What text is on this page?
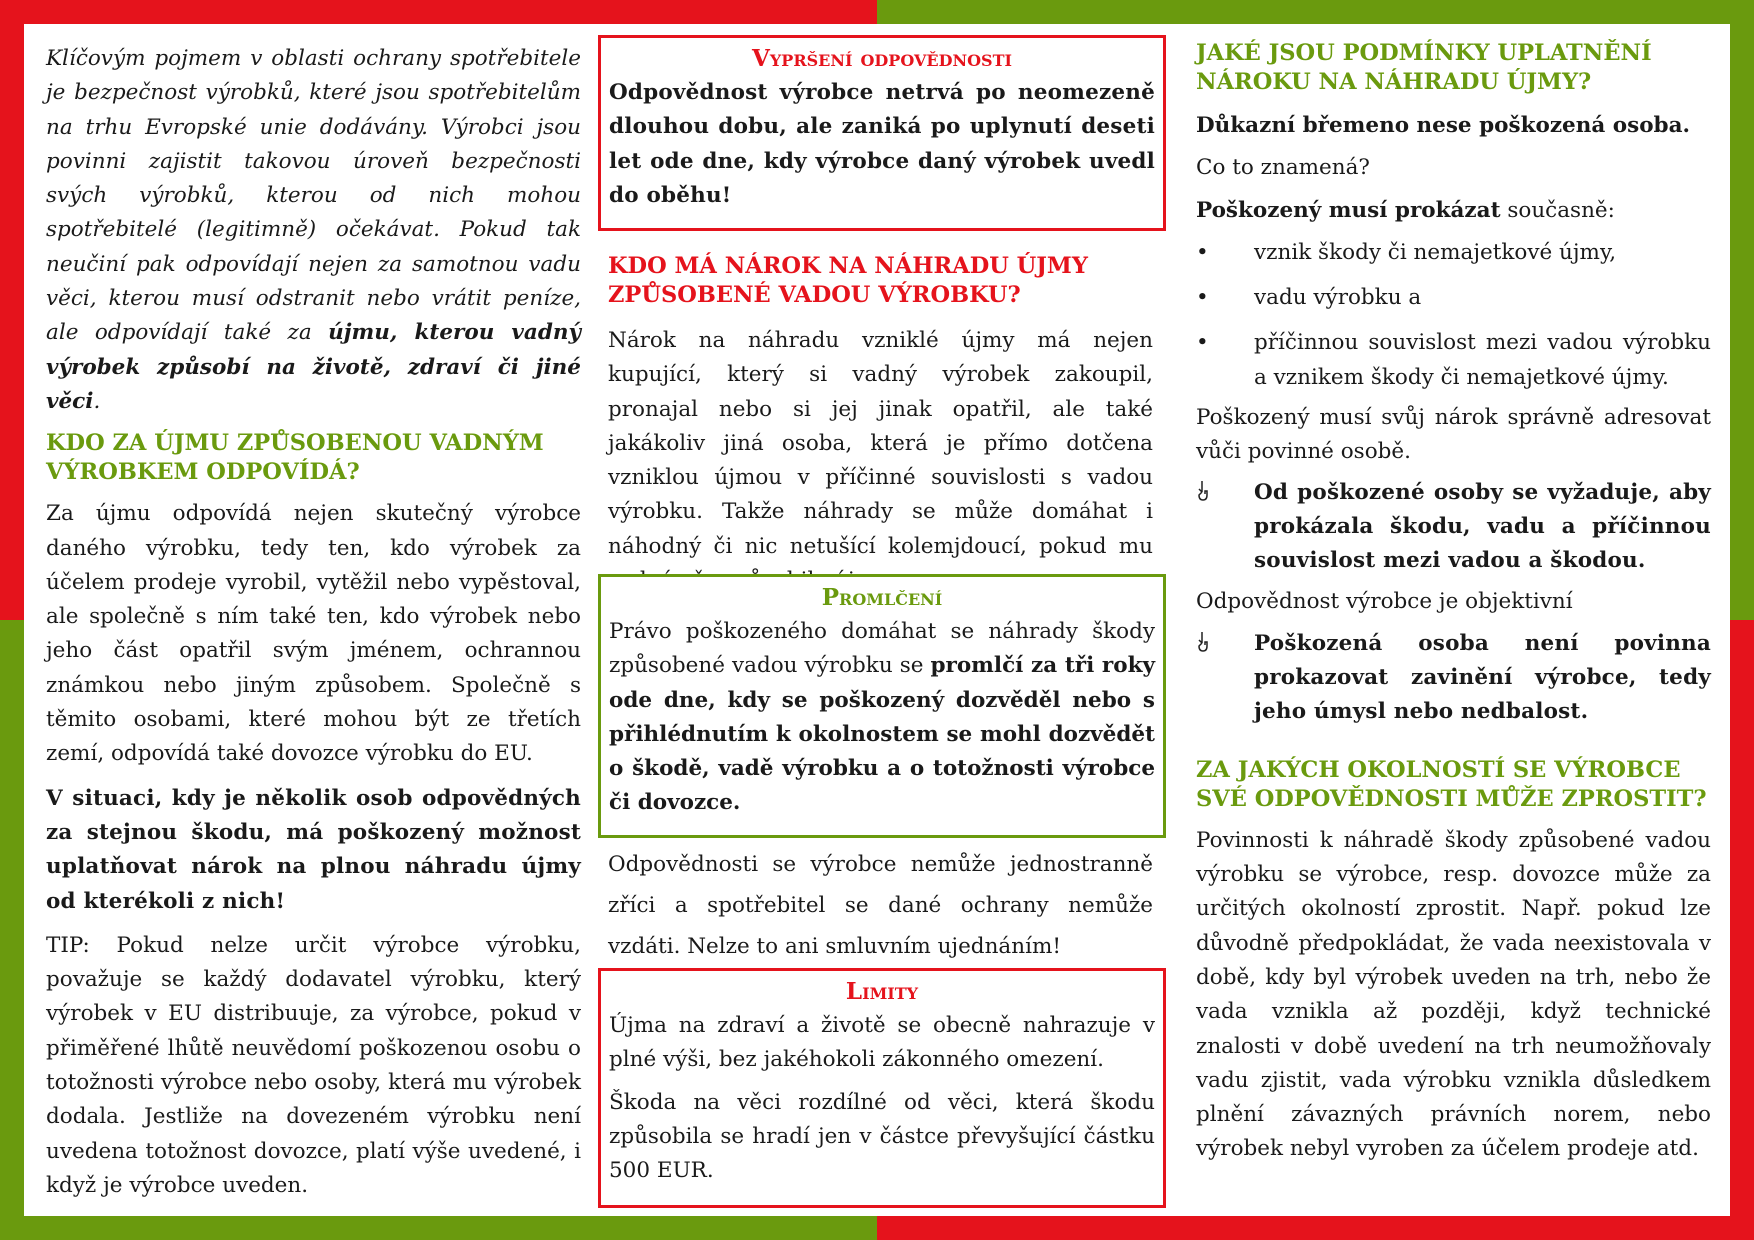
Klíčovým pojmem v oblasti ochrany spotřebitele je bezpečnost výrobků, které jsou spotřebitelům na trhu Evropské unie dodávány. Výrobci jsou povinni zajistit takovou úroveň bezpečnosti svých výrobků, kterou od nich mohou spotřebitelé (legitimně) očekávat. Pokud tak neučiní pak odpovídají nejen za samotnou vadu věci, kterou musí odstranit nebo vrátit peníze, ale odpovídají také za újmu, kterou vadný výrobek způsobí na životě, zdraví či jiné věci.

KDO ZA ÚJMU ZPŮSOBENOU VADNÝM VÝROBKEM ODPOVÍDÁ?

Za újmu odpovídá nejen skutečný výrobce daného výrobku, tedy ten, kdo výrobek za účelem prodeje vyrobil, vytěžil nebo vypěstoval, ale společně s ním také ten, kdo výrobek nebo jeho část opatřil svým jménem, ochrannou známkou nebo jiným způsobem. Společně s těmito osobami, které mohou být ze třetích zemí, odpovídá také dovozce výrobku do EU.

V situaci, kdy je několik osob odpovědných za stejnou škodu, má poškozený možnost uplatňovat nárok na plnou náhradu újmy od kterékoli z nich!

TIP: Pokud nelze určit výrobce výrobku, považuje se každý dodavatel výrobku, který výrobek v EU distribuuje, za výrobce, pokud v přiměřené lhůtě neuvědomí poškozenou osobu o totožnosti výrobce nebo osoby, která mu výrobek dodala. Jestliže na dovezeném výrobku není uvedena totožnost dovozce, platí výše uvedené, i když je výrobce uveden.

Vypršení odpovědnosti

Odpovědnost výrobce netrvá po neomezeně dlouhou dobu, ale zaniká po uplynutí deseti let ode dne, kdy výrobce daný výrobek uvedl do oběhu!

KDO MÁ NÁROK NA NÁHRADU ÚJMY ZPŮSOBENÉ VADOU VÝROBKU?

Nárok na náhradu vzniklé újmy má nejen kupující, který si vadný výrobek zakoupil, pronajal nebo si jej jinak opatřil, ale také jakákoliv jiná osoba, která je přímo dotčena vzniklou újmou v příčinné souvislosti s vadou výrobku. Takže náhrady se může domáhat i náhodný či nic netušící kolemjdoucí, pokud mu

Promlčení

Právo poškozeného domáhat se náhrady škody způsobené vadou výrobku se promlčí za tři roky ode dne, kdy se poškozený dozvěděl nebo s přihlédnutím k okolnostem se mohl dozvědět o škodě, vadě výrobku a o totožnosti výrobce či dovozce.

Odpovědnosti se výrobce nemůže jednostranně zříci a spotřebitel se dané ochrany nemůže vzdáti. Nelze to ani smluvním ujednáním!

Limity

Újma na zdraví a životě se obecně nahrazuje v plné výši, bez jakéhokoli zákonného omezení.

Škoda na věci rozdílné od věci, která škodu způsobila se hradí jen v částce převyšující částku 500 EUR.

JAKÉ JSOU PODMÍNKY UPLATNĚNÍ NÁROKU NA NÁHRADU ÚJMY?

Důkazní břemeno nese poškozená osoba.

Co to znamená?

Poškozený musí prokázat současně:

• vznik škody či nemajetkové újmy,
• vadu výrobku a
• příčinnou souvislost mezi vadou výrobku a vznikem škody či nemajetkové újmy.

Poškozený musí svůj nárok správně adresovat vůči povinné osobě.

Od poškozené osoby se vyžaduje, aby prokázala škodu, vadu a příčinnou souvislost mezi vadou a škodou.

Odpovědnost výrobce je objektivní

Poškozená osoba není povinna prokazovat zavinění výrobce, tedy jeho úmysl nebo nedbalost.
ZA JAKÝCH OKOLNOSTÍ SE VÝROBCE SVÉ ODPOVĚDNOSTI MŮŽE ZPROSTIT?

Povinnosti k náhradě škody způsobené vadou výrobku se výrobce, resp. dovozce může za určitých okolností zprostit. Např. pokud lze důvodně předpokládat, že vada neexistovala v době, kdy byl výrobek uveden na trh, nebo že vada vznikla až později, když technické znalosti v době uvedení na trh neumožňovaly vadu zjistit, vada výrobku vznikla důsledkem plnění závazných právních norem, nebo výrobek nebyl vyroben za účelem prodeje atd.
